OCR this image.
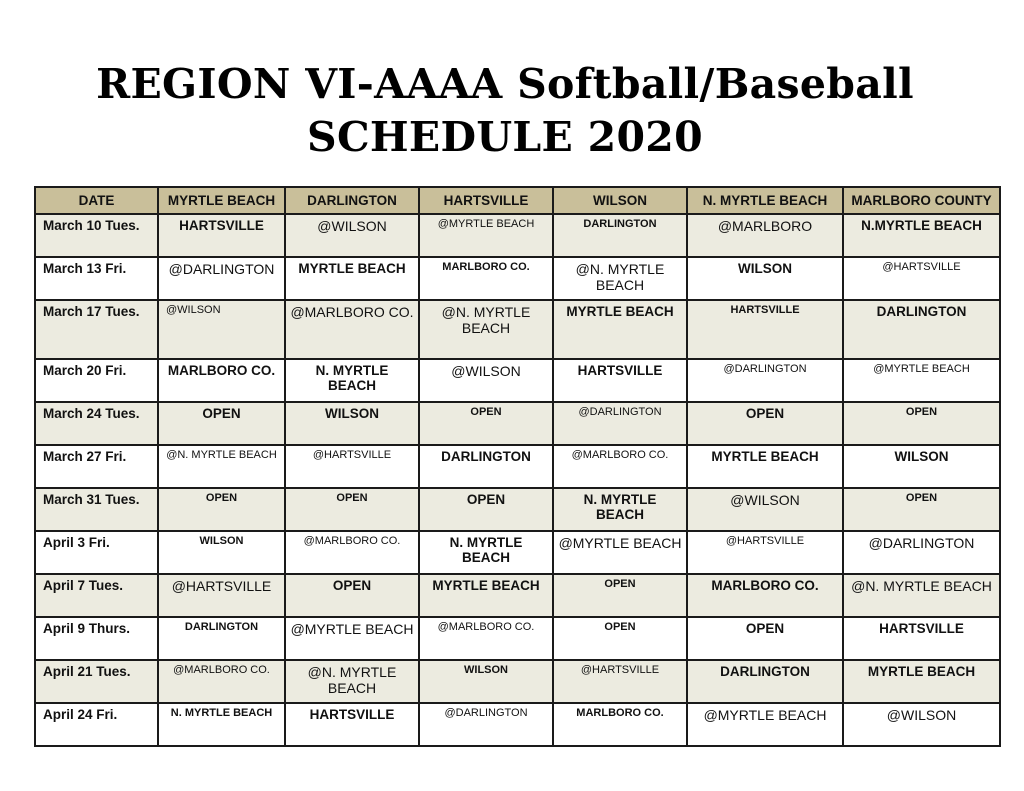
REGION VI-AAAA Softball/Baseball
SCHEDULE 2020
DATE	MYRTLE BEACH	DARLINGTON	HARTSVILLE	WILSON	N. MYRTLE BEACH	MARLBORO COUNTY
March 10 Tues.	HARTSVILLE	@WILSON	@MYRTLE BEACH	DARLINGTON	@MARLBORO	N.MYRTLE BEACH
March 13 Fri.	@DARLINGTON	MYRTLE BEACH	MARLBORO CO.	@N. MYRTLE BEACH	WILSON	@HARTSVILLE
March 17 Tues.	@WILSON	@MARLBORO CO.	@N. MYRTLE BEACH	MYRTLE BEACH	HARTSVILLE	DARLINGTON
March 20 Fri.	MARLBORO CO.	N. MYRTLE BEACH	@WILSON	HARTSVILLE	@DARLINGTON	@MYRTLE BEACH
March 24 Tues.	OPEN	WILSON	OPEN	@DARLINGTON	OPEN	OPEN
March 27 Fri.	@N. MYRTLE BEACH	@HARTSVILLE	DARLINGTON	@MARLBORO CO.	MYRTLE BEACH	WILSON
March 31 Tues.	OPEN	OPEN	OPEN	N. MYRTLE BEACH	@WILSON	OPEN
April 3 Fri.	WILSON	@MARLBORO CO.	N. MYRTLE BEACH	@MYRTLE BEACH	@HARTSVILLE	@DARLINGTON
April 7 Tues.	@HARTSVILLE	OPEN	MYRTLE BEACH	OPEN	MARLBORO CO.	@N. MYRTLE BEACH
April 9 Thurs.	DARLINGTON	@MYRTLE BEACH	@MARLBORO CO.	OPEN	OPEN	HARTSVILLE
April 21 Tues.	@MARLBORO CO.	@N. MYRTLE BEACH	WILSON	@HARTSVILLE	DARLINGTON	MYRTLE BEACH
April 24 Fri.	N. MYRTLE BEACH	HARTSVILLE	@DARLINGTON	MARLBORO CO.	@MYRTLE BEACH	@WILSON
